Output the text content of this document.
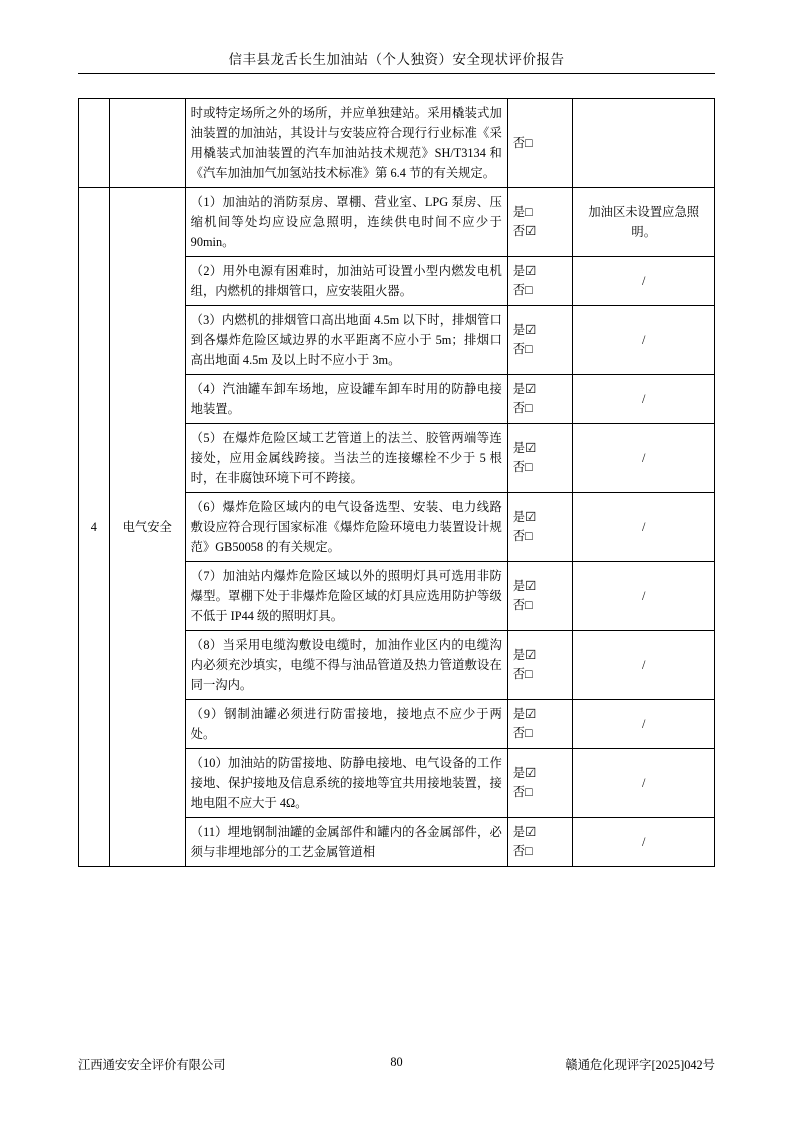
信丰县龙舌长生加油站（个人独资）安全现状评价报告

		时或特定场所之外的场所，并应单独建站。采用橇装式加油装置的加油站，其设计与安装应符合现行行业标准《采用橇装式加油装置的汽车加油站技术规范》SH/T3134 和《汽车加油加气加氢站技术标准》第 6.4 节的有关规定。	否□	

4	电气安全	（1）加油站的消防泵房、罩棚、营业室、LPG 泵房、压缩机间等处均应设应急照明，连续供电时间不应少于 90min。	是□
否☑	加油区未设置应急照明。

		（2）用外电源有困难时，加油站可设置小型内燃发电机组，内燃机的排烟管口，应安装阻火器。	是☑
否□	/

		（3）内燃机的排烟管口高出地面 4.5m 以下时，排烟管口到各爆炸危险区域边界的水平距离不应小于 5m；排烟口高出地面 4.5m 及以上时不应小于 3m。	是☑
否□	/

		（4）汽油罐车卸车场地，应设罐车卸车时用的防静电接地装置。	是☑
否□	/

		（5）在爆炸危险区域工艺管道上的法兰、胶管两端等连接处，应用金属线跨接。当法兰的连接螺栓不少于 5 根时，在非腐蚀环境下可不跨接。	是☑
否□	/

		（6）爆炸危险区域内的电气设备选型、安装、电力线路敷设应符合现行国家标准《爆炸危险环境电力装置设计规范》GB50058 的有关规定。	是☑
否□	/

		（7）加油站内爆炸危险区域以外的照明灯具可选用非防爆型。罩棚下处于非爆炸危险区域的灯具应选用防护等级不低于 IP44 级的照明灯具。	是☑
否□	/

		（8）当采用电缆沟敷设电缆时，加油作业区内的电缆沟内必须充沙填实，电缆不得与油品管道及热力管道敷设在同一沟内。	是☑
否□	/

		（9）钢制油罐必须进行防雷接地，接地点不应少于两处。	是☑
否□	/

		（10）加油站的防雷接地、防静电接地、电气设备的工作接地、保护接地及信息系统的接地等宜共用接地装置，接地电阻不应大于 4Ω。	是☑
否□	/

		（11）埋地钢制油罐的金属部件和罐内的各金属部件，必须与非埋地部分的工艺金属管道相	是☑
否□	/
80
江西通安安全评价有限公司	赣通危化现评字[2025]042号
